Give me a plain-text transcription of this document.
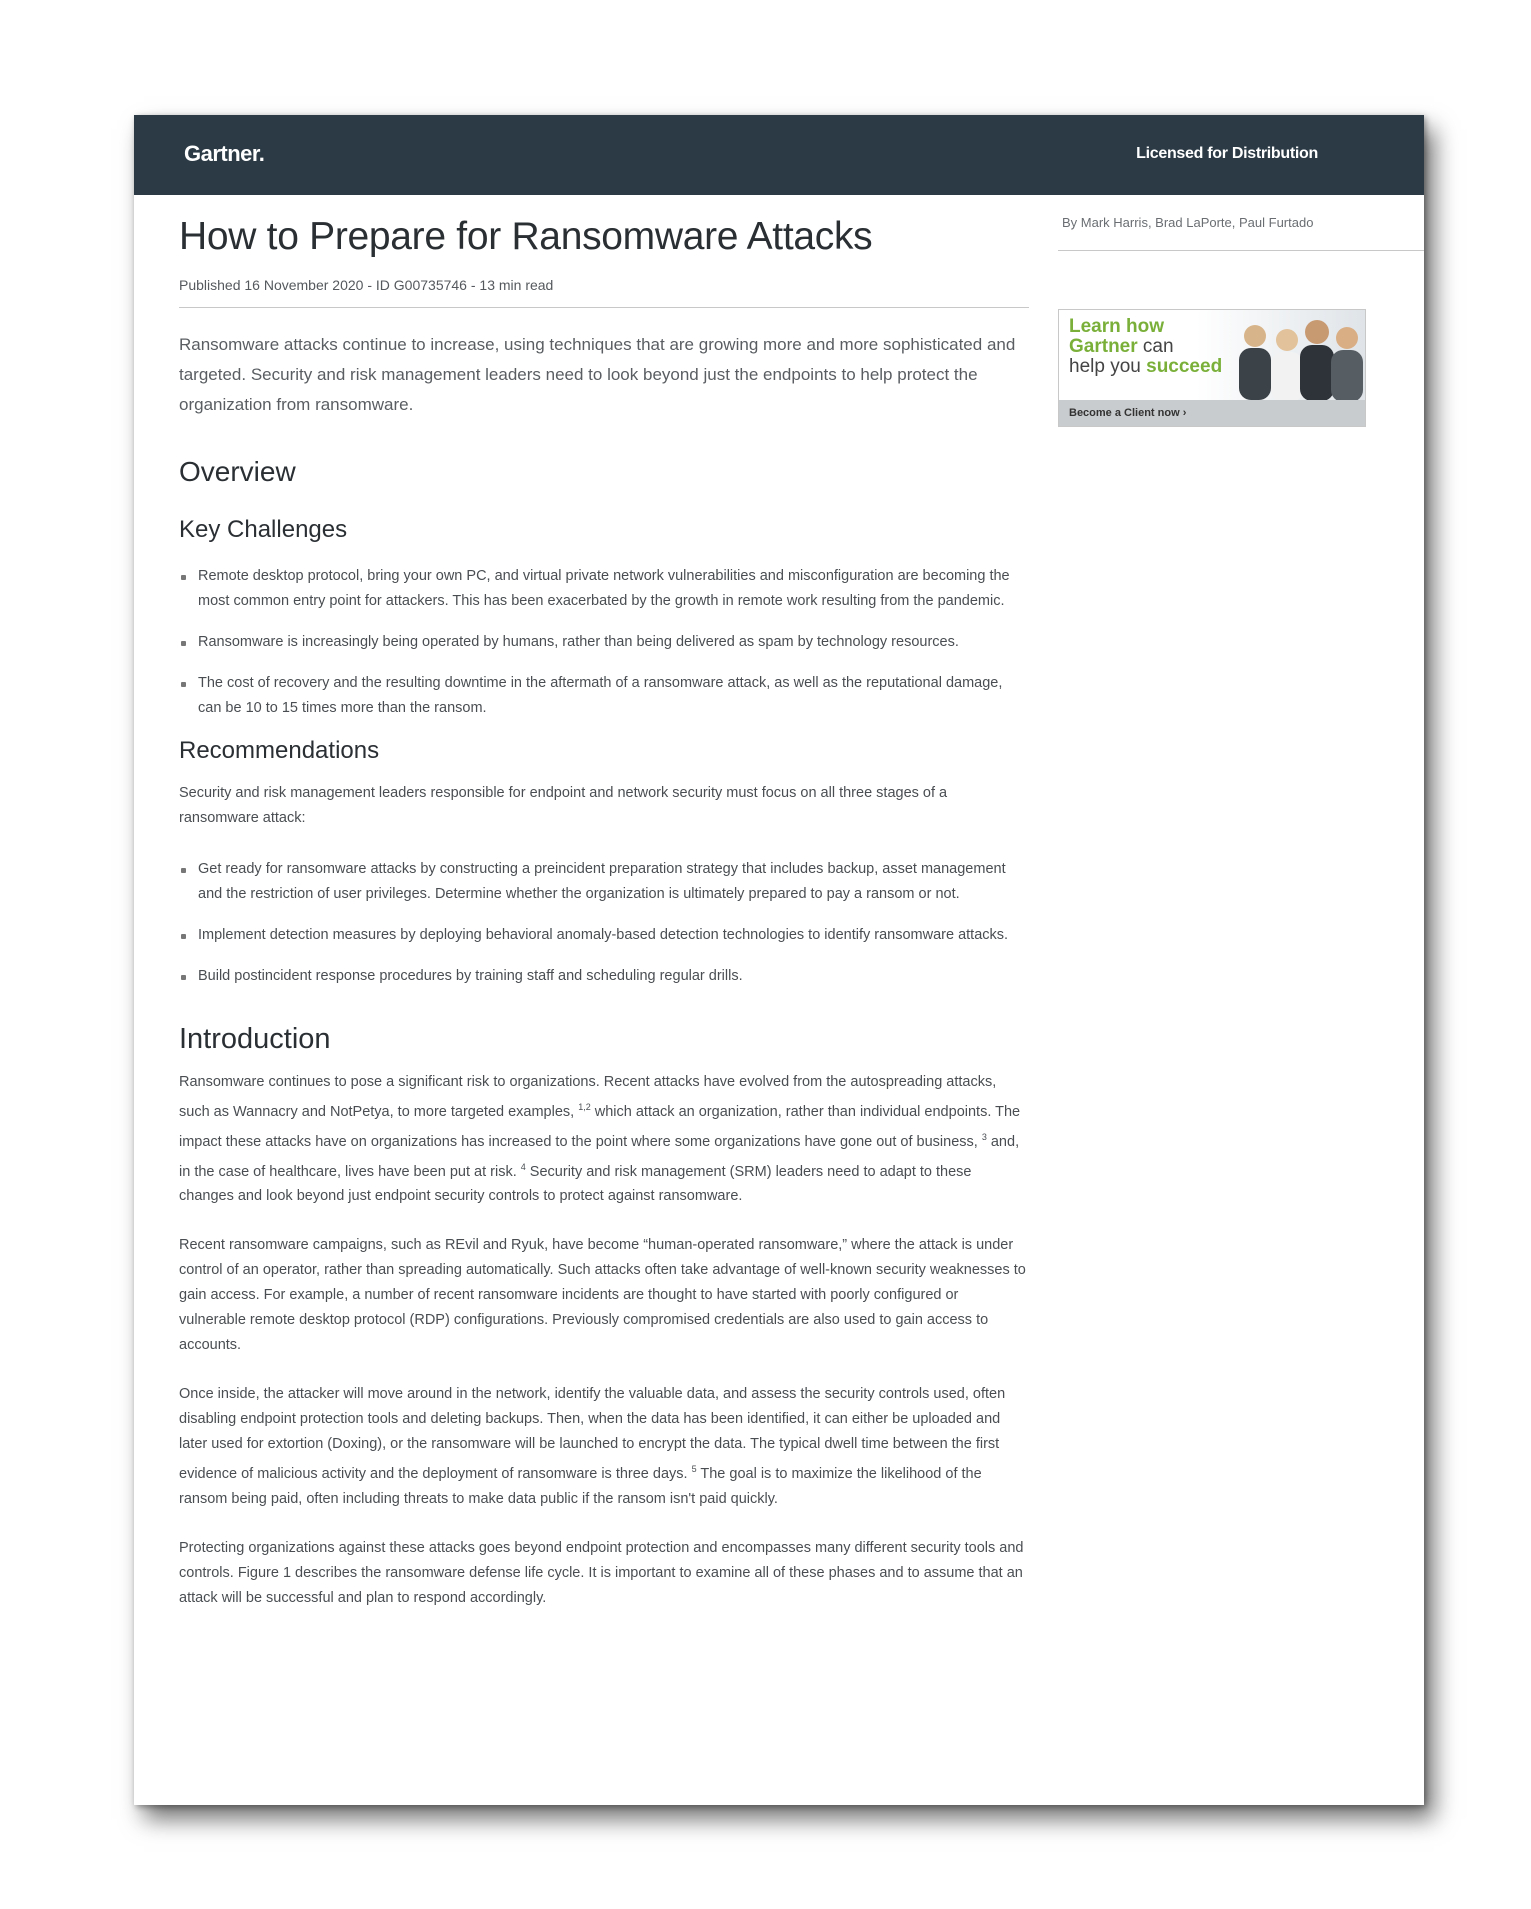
Gartner.	Licensed for Distribution
How to Prepare for Ransomware Attacks
Published 16 November 2020 - ID G00735746 - 13 min read

Ransomware attacks continue to increase, using techniques that are growing more and more sophisticated and targeted. Security and risk management leaders need to look beyond just the endpoints to help protect the organization from ransomware.

Overview
Key Challenges
Remote desktop protocol, bring your own PC, and virtual private network vulnerabilities and misconfiguration are becoming the most common entry point for attackers. This has been exacerbated by the growth in remote work resulting from the pandemic.
Ransomware is increasingly being operated by humans, rather than being delivered as spam by technology resources.
The cost of recovery and the resulting downtime in the aftermath of a ransomware attack, as well as the reputational damage, can be 10 to 15 times more than the ransom.
Recommendations

Security and risk management leaders responsible for endpoint and network security must focus on all three stages of a ransomware attack:

Get ready for ransomware attacks by constructing a preincident preparation strategy that includes backup, asset management and the restriction of user privileges. Determine whether the organization is ultimately prepared to pay a ransom or not.
Implement detection measures by deploying behavioral anomaly-based detection technologies to identify ransomware attacks.
Build postincident response procedures by training staff and scheduling regular drills.
Introduction

Ransomware continues to pose a significant risk to organizations. Recent attacks have evolved from the autospreading attacks, such as Wannacry and NotPetya, to more targeted examples, $^{1,2}$ which attack an organization, rather than individual endpoints. The impact these attacks have on organizations has increased to the point where some organizations have gone out of business, $^3$ and, in the case of healthcare, lives have been put at risk. $^4$ Security and risk management (SRM) leaders need to adapt to these changes and look beyond just endpoint security controls to protect against ransomware.

Recent ransomware campaigns, such as REvil and Ryuk, have become “human-operated ransomware,” where the attack is under control of an operator, rather than spreading automatically. Such attacks often take advantage of well-known security weaknesses to gain access. For example, a number of recent ransomware incidents are thought to have started with poorly configured or vulnerable remote desktop protocol (RDP) configurations. Previously compromised credentials are also used to gain access to accounts.

Once inside, the attacker will move around in the network, identify the valuable data, and assess the security controls used, often disabling endpoint protection tools and deleting backups. Then, when the data has been identified, it can either be uploaded and later used for extortion (Doxing), or the ransomware will be launched to encrypt the data. The typical dwell time between the first evidence of malicious activity and the deployment of ransomware is three days. $^5$ The goal is to maximize the likelihood of the ransom being paid, often including threats to make data public if the ransom isn't paid quickly.

Protecting organizations against these attacks goes beyond endpoint protection and encompasses many different security tools and controls. Figure 1 describes the ransomware defense life cycle. It is important to examine all of these phases and to assume that an attack will be successful and plan to respond accordingly.

By Mark Harris, Brad LaPorte, Paul Furtado
Learn how
Gartner can
help you succeed
Become a Client now ›
